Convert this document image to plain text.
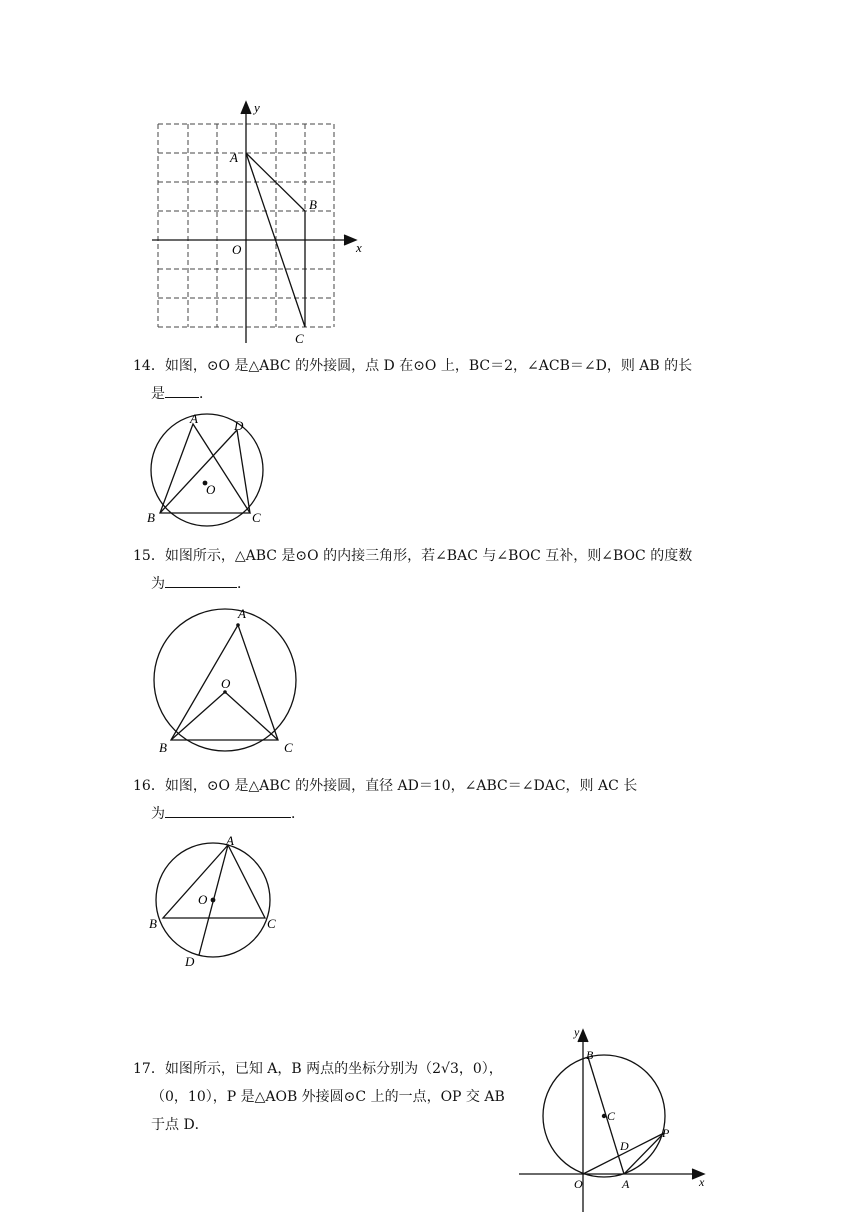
y
x
A
B
O
C
14．如图，⊙O 是△ABC 的外接圆，点 D 在⊙O 上，BC＝2，∠ACB＝∠D，则 AB 的长
是 ．
A	D
O
B	C
15．如图所示，△ABC 是⊙O 的内接三角形，若∠BAC 与∠BOC 互补，则∠BOC 的度数
为	．
A
O
B	C
16．如图，⊙O 是△ABC 的外接圆，直径 AD＝10，∠ABC＝∠DAC，则 AC 长
为	．
A
O
B	C
D
17．如图所示，已知 A，B 两点的坐标分别为（2√3，0），
（0，10），P 是△AOB 外接圆⊙C 上的一点，OP 交 AB
于点 D．
y
B
C
D
P
O	A	x
